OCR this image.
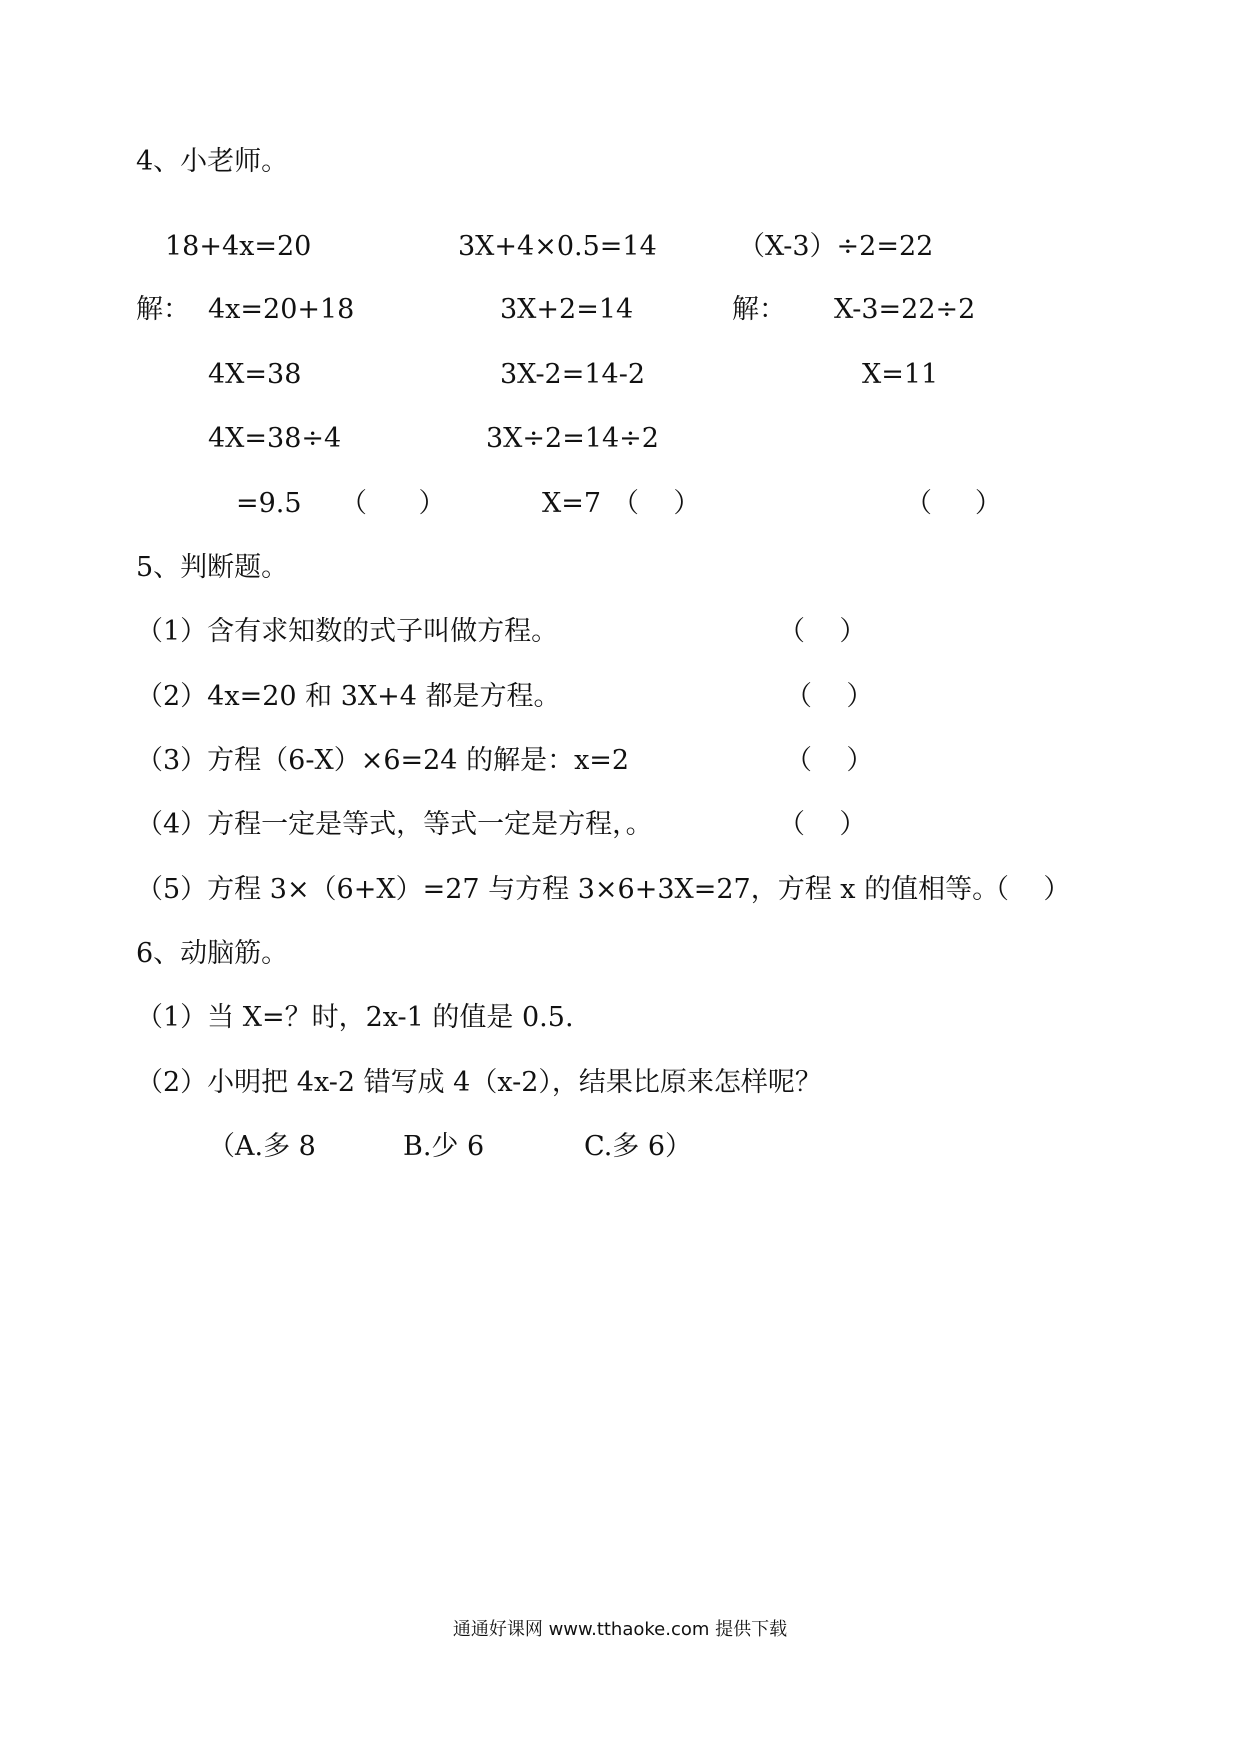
4、小老师。
18+4x=20	3X+4×0.5=14	（X-3）÷2=22
解： 4x=20+18	3X+2=14	解： X-3=22÷2
4X=38	3X-2=14-2	X=11
4X=38÷4	3X÷2=14÷2
=9.5 （      ）	X=7 （    ）	（     ）
5、判断题。
（1）含有求知数的式子叫做方程。	（    ）
（2）4x=20 和 3X+4 都是方程。	（    ）
（3）方程（6-X）×6=24 的解是：x=2	（    ）
（4）方程一定是等式，等式一定是方程，。	（    ）
（5）方程 3×（6+X）=27 与方程 3×6+3X=27，方程 x 的值相等。
（    ）
6、动脑筋。
（1）当 X=？时，2x-1 的值是 0.5.
（2）小明把 4x-2 错写成 4（x-2），结果比原来怎样呢？
（A.多 8	B.少 6	C.多 6）
通通好课网 www.tthaoke.com 提供下载
